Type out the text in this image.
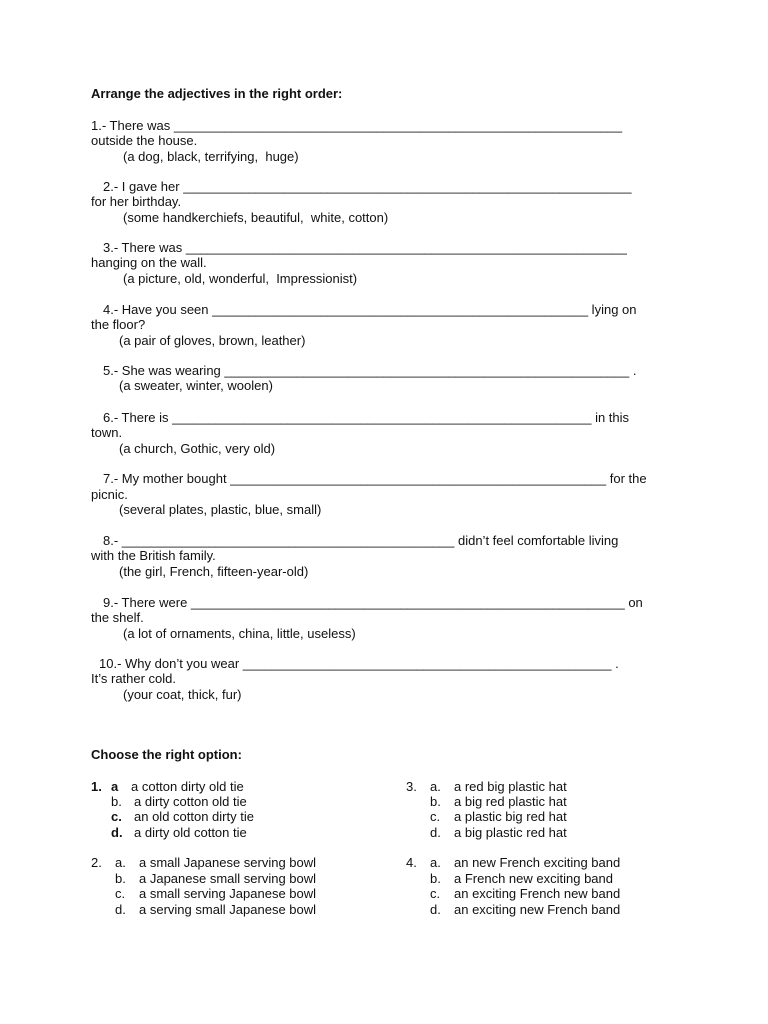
Arrange the adjectives in the right order:
1.- There was ______________________________________________________________
outside the house.
(a dog, black, terrifying,  huge)
2.- I gave her ______________________________________________________________
for her birthday.
(some handkerchiefs, beautiful,  white, cotton)
3.- There was _____________________________________________________________
hanging on the wall.
(a picture, old, wonderful,  Impressionist)
4.- Have you seen ____________________________________________________ lying on
the floor?
(a pair of gloves, brown, leather)
5.- She was wearing ________________________________________________________ .
(a sweater, winter, woolen)
6.- There is __________________________________________________________ in this
town.
(a church, Gothic, very old)
7.- My mother bought ____________________________________________________ for the
picnic.
(several plates, plastic, blue, small)
8.- ______________________________________________ didn’t feel comfortable living
with the British family.
(the girl, French, fifteen-year-old)
9.- There were ____________________________________________________________ on
the shelf.
(a lot of ornaments, china, little, useless)
10.- Why don’t you wear ___________________________________________________ .
It’s rather cold.
(your coat, thick, fur)
Choose the right option:
1. a a cotton dirty old tie
b. a dirty cotton old tie
c. an old cotton dirty tie
d. a dirty old cotton tie
2. a. a small Japanese serving bowl
b. a Japanese small serving bowl
c. a small serving Japanese bowl
d. a serving small Japanese bowl
3. a. a red big plastic hat
b. a big red plastic hat
c. a plastic big red hat
d. a big plastic red hat
4. a. an new French exciting band
b. a French new exciting band
c. an exciting French new band
d. an exciting new French band
